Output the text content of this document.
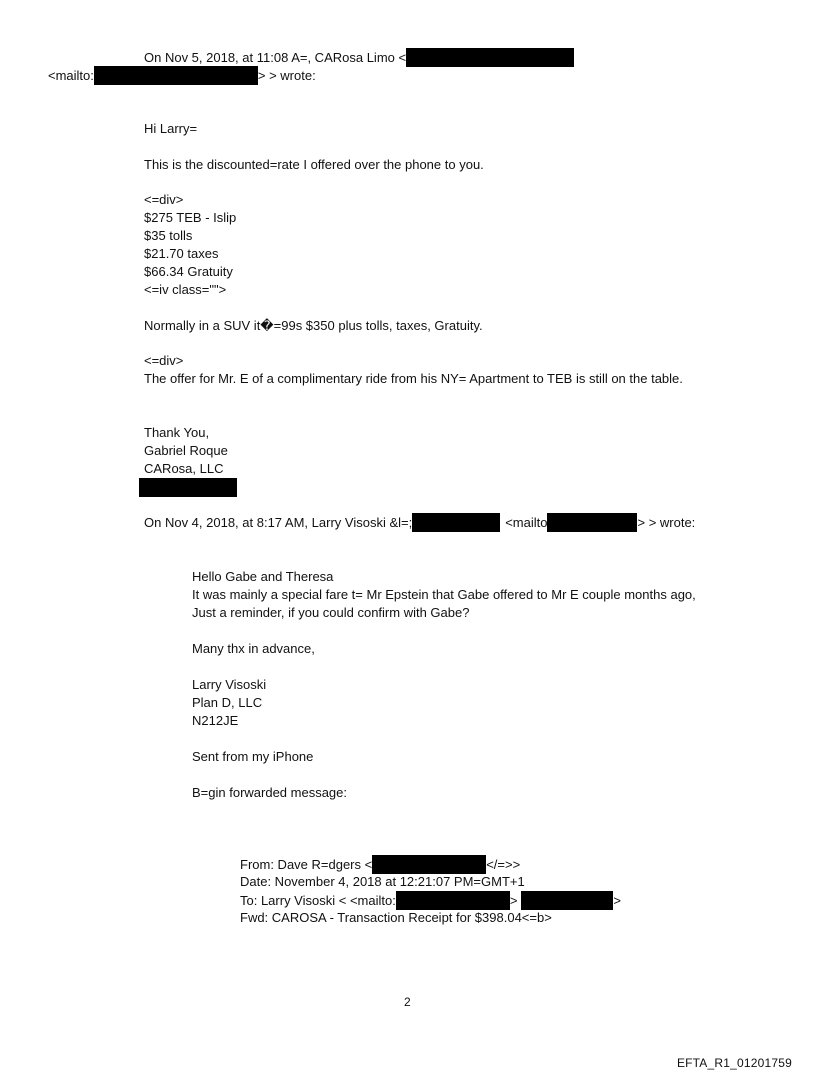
On Nov 5, 2018, at 11:08 A=, CARosa Limo <
<mailto:	> > wrote:
Hi Larry=
This is the discounted=rate I offered over the phone to you.
<=div>
$275 TEB - Islip
$35 tolls
$21.70 taxes
$66.34 Gratuity
<=iv class="">
Normally in a SUV it�=99s $350 plus tolls, taxes, Gratuity.
<=div>
The offer for Mr. E of a complimentary ride from his NY= Apartment to TEB is still on the table.
Thank You,
Gabriel Roque
CARosa, LLC
On Nov 4, 2018, at 8:17 AM, Larry Visoski &l=;	<mailto	> > wrote:
Hello Gabe and Theresa
It was mainly a special fare t= Mr Epstein that Gabe offered to Mr E couple months ago,
Just a reminder, if you could confirm with Gabe?
Many thx in advance,
Larry Visoski
Plan D, LLC
N212JE
Sent from my iPhone
B=gin forwarded message:
From: Dave R=dgers <	</=>>
Date: November 4, 2018 at 12:21:07 PM=GMT+1
To: Larry Visoski < <mailto:	>	>
Fwd: CAROSA - Transaction Receipt for $398.04<=b>
2
EFTA_R1_01201759
